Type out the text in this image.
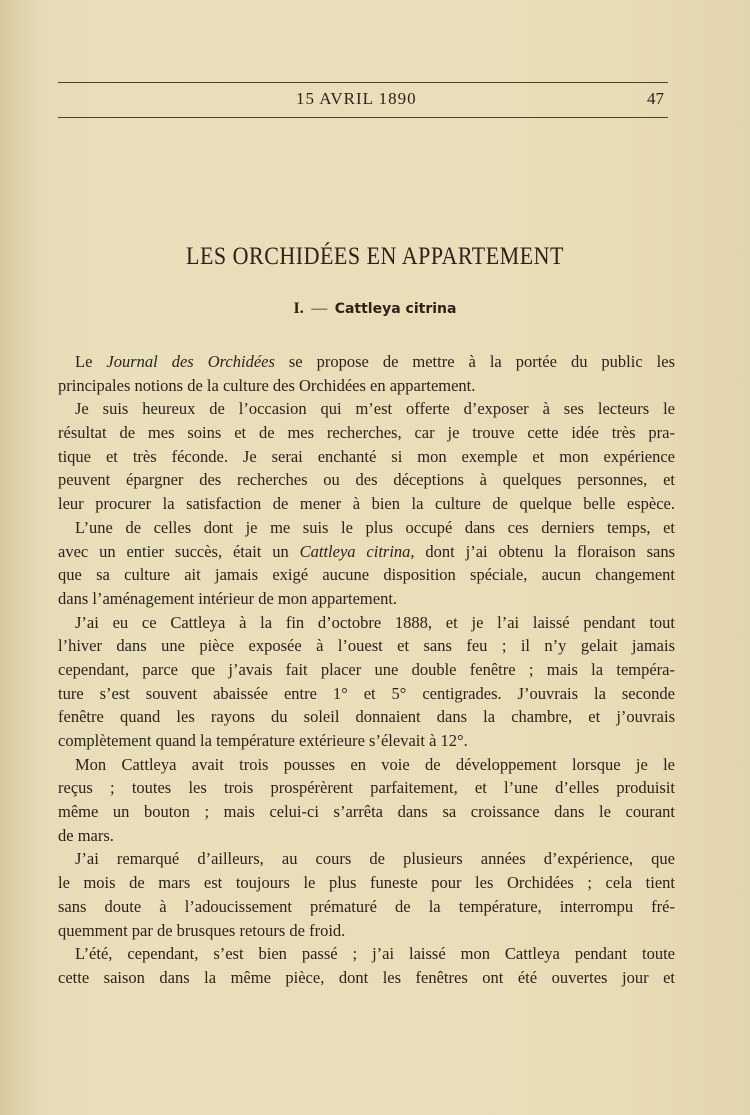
15 AVRIL 1890	47
LES ORCHIDÉES EN APPARTEMENT
I. — Cattleya citrina
Le Journal des Orchidées se propose de mettre à la portée du public les
principales notions de la culture des Orchidées en appartement.
Je suis heureux de l’occasion qui m’est offerte d’exposer à ses lecteurs le
résultat de mes soins et de mes recherches, car je trouve cette idée très pra-
tique et très féconde. Je serai enchanté si mon exemple et mon expérience
peuvent épargner des recherches ou des déceptions à quelques personnes, et
leur procurer la satisfaction de mener à bien la culture de quelque belle espèce.
L’une de celles dont je me suis le plus occupé dans ces derniers temps, et
avec un entier succès, était un Cattleya citrina, dont j’ai obtenu la floraison sans
que sa culture ait jamais exigé aucune disposition spéciale, aucun changement
dans l’aménagement intérieur de mon appartement.
J’ai eu ce Cattleya à la fin d’octobre 1888, et je l’ai laissé pendant tout
l’hiver dans une pièce exposée à l’ouest et sans feu ; il n’y gelait jamais
cependant, parce que j’avais fait placer une double fenêtre ; mais la tempéra-
ture s’est souvent abaissée entre 1° et 5° centigrades. J’ouvrais la seconde
fenêtre quand les rayons du soleil donnaient dans la chambre, et j’ouvrais
complètement quand la température extérieure s’élevait à 12°.
Mon Cattleya avait trois pousses en voie de développement lorsque je le
reçus ; toutes les trois prospérèrent parfaitement, et l’une d’elles produisit
même un bouton ; mais celui-ci s’arrêta dans sa croissance dans le courant
de mars.
J’ai remarqué d’ailleurs, au cours de plusieurs années d’expérience, que
le mois de mars est toujours le plus funeste pour les Orchidées ; cela tient
sans doute à l’adoucissement prématuré de la température, interrompu fré-
quemment par de brusques retours de froid.
L’été, cependant, s’est bien passé ; j’ai laissé mon Cattleya pendant toute
cette saison dans la même pièce, dont les fenêtres ont été ouvertes jour et
